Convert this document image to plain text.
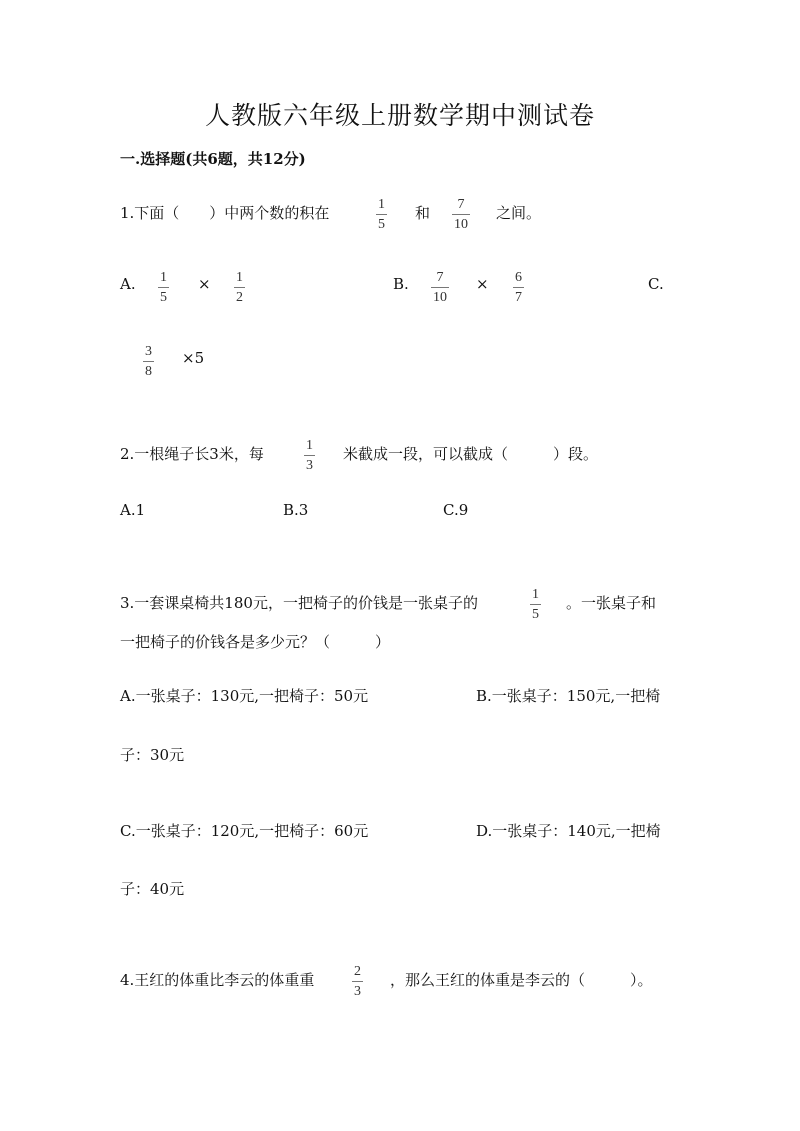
人教版六年级上册数学期中测试卷
一.选择题(共6题，共12分)
1.下面（　　）中两个数的积在	1
5
和 7
10
之间。
A. 1
5
× 1
2
B. 7
10
× 6
7
C.
3
8
×5
2.一根绳子长3米，每	1
3
米截成一段，可以截成（　　　）段。
A.1	B.3	C.9
3.一套课桌椅共180元，一把椅子的价钱是一张桌子的	1
5
。一张桌子和
一把椅子的价钱各是多少元？（　　　）
A.一张桌子：130元,一把椅子：50元	B.一张桌子：150元,一把椅
子：30元
C.一张桌子：120元,一把椅子：60元	D.一张桌子：140元,一把椅
子：40元
4.王红的体重比李云的体重重	2
3
，那么王红的体重是李云的（　　　）。
